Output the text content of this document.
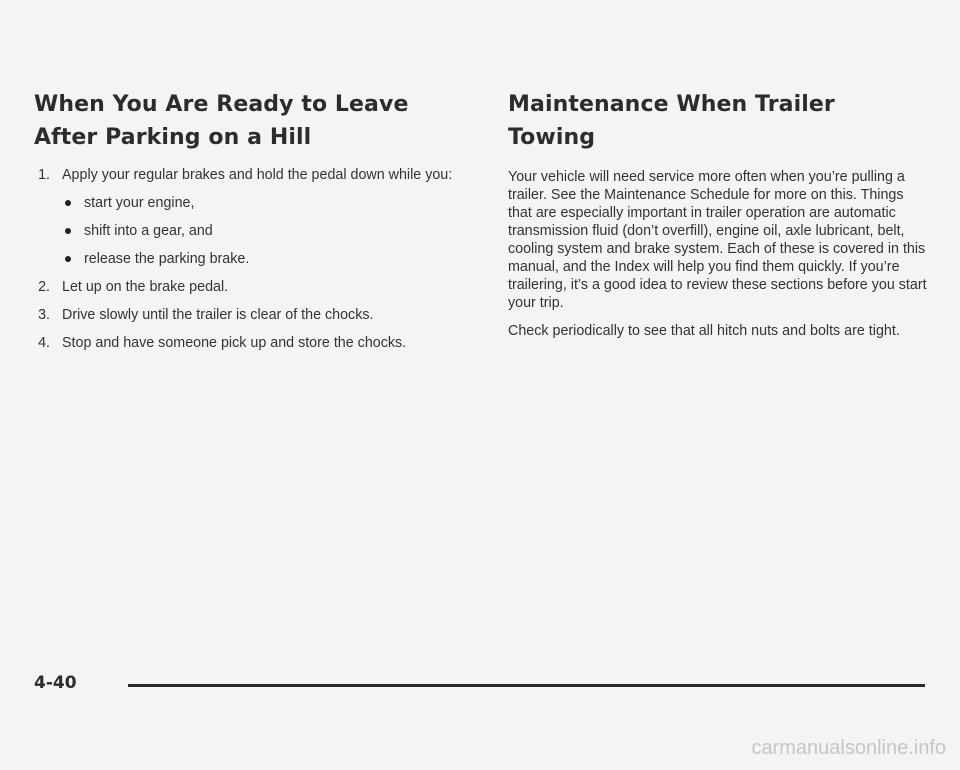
When You Are Ready to Leave After Parking on a Hill
1. Apply your regular brakes and hold the pedal down while you:
start your engine,
shift into a gear, and
release the parking brake.
2. Let up on the brake pedal.
3. Drive slowly until the trailer is clear of the chocks.
4. Stop and have someone pick up and store the chocks.
Maintenance When Trailer Towing

Your vehicle will need service more often when you’re pulling a trailer. See the Maintenance Schedule for more on this. Things that are especially important in trailer operation are automatic transmission fluid (don’t overfill), engine oil, axle lubricant, belt, cooling system and brake system. Each of these is covered in this manual, and the Index will help you find them quickly. If you’re trailering, it’s a good idea to review these sections before you start your trip.

Check periodically to see that all hitch nuts and bolts are tight.

4-40
carmanualsonline.info
